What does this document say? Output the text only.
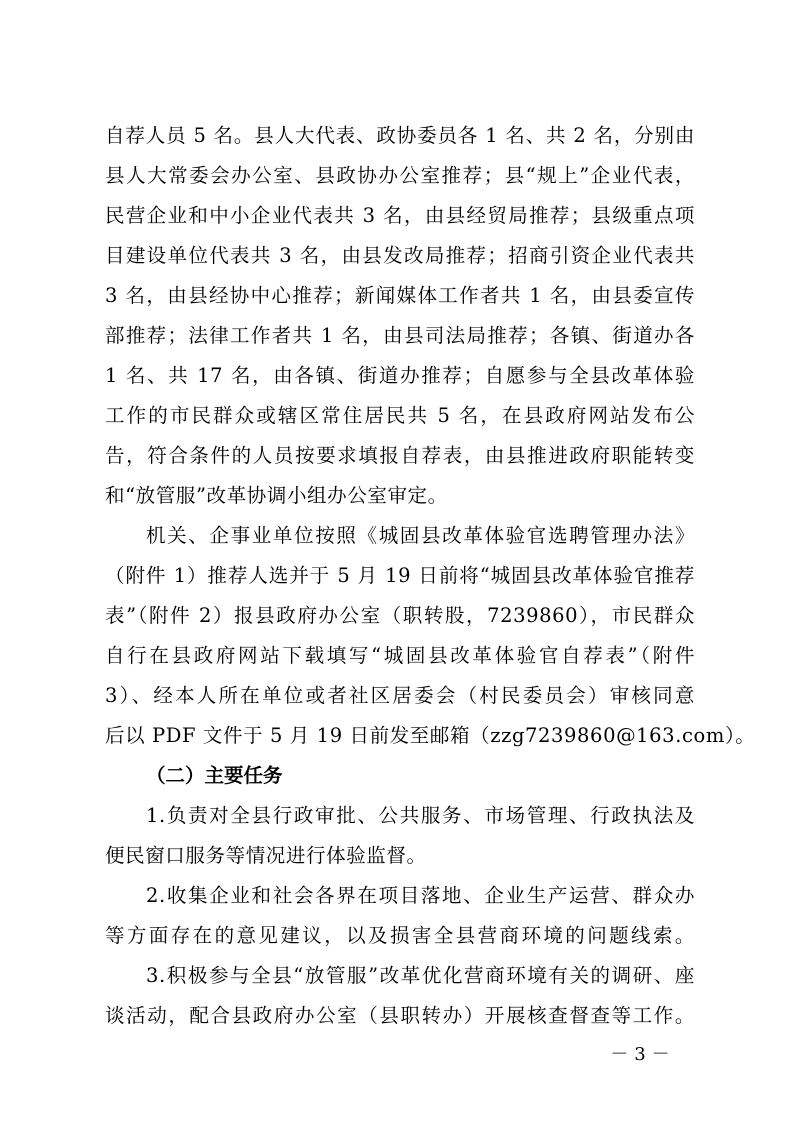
自荐人员 5 名。县人大代表、政协委员各 1 名、共 2 名，分别由
县人大常委会办公室、县政协办公室推荐；县“规上”企业代表，
民营企业和中小企业代表共 3 名，由县经贸局推荐；县级重点项
目建设单位代表共 3 名，由县发改局推荐；招商引资企业代表共
3 名，由县经协中心推荐；新闻媒体工作者共 1 名，由县委宣传
部推荐；法律工作者共 1 名，由县司法局推荐；各镇、街道办各
1 名、共 17 名，由各镇、街道办推荐；自愿参与全县改革体验
工作的市民群众或辖区常住居民共 5 名，在县政府网站发布公
告，符合条件的人员按要求填报自荐表，由县推进政府职能转变
和“放管服”改革协调小组办公室审定。
机关、企事业单位按照《城固县改革体验官选聘管理办法》
（附件 1）推荐人选并于 5 月 19 日前将“城固县改革体验官推荐
表”（附件 2）报县政府办公室（职转股，7239860），市民群众
自行在县政府网站下载填写“城固县改革体验官自荐表”（附件
3）、经本人所在单位或者社区居委会（村民委员会）审核同意
后以 PDF 文件于 5 月 19 日前发至邮箱（zzg7239860@163.com）。
（二）主要任务
1.负责对全县行政审批、公共服务、市场管理、行政执法及
便民窗口服务等情况进行体验监督。
2.收集企业和社会各界在项目落地、企业生产运营、群众办
等方面存在的意见建议，以及损害全县营商环境的问题线索。
3.积极参与全县“放管服”改革优化营商环境有关的调研、座
谈活动，配合县政府办公室（县职转办）开展核查督查等工作。
－ 3 －
